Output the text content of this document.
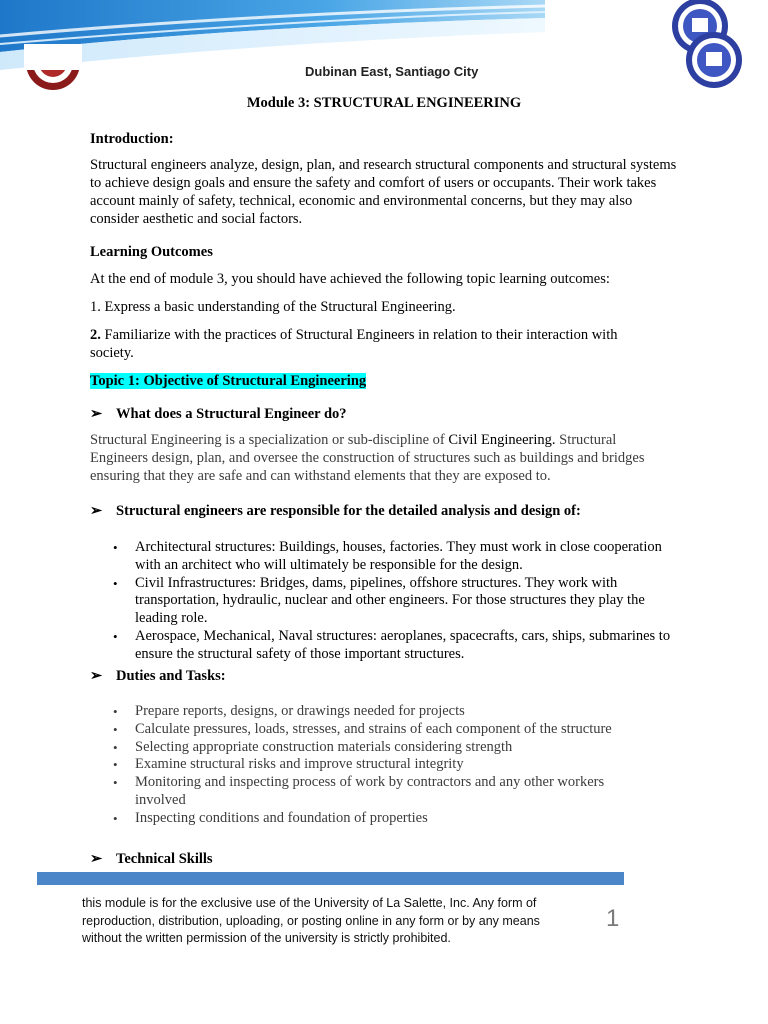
Dubinan East, Santiago City
Module 3: STRUCTURAL ENGINEERING
Introduction:
Structural engineers analyze, design, plan, and research structural components and structural systems to achieve design goals and ensure the safety and comfort of users or occupants. Their work takes account mainly of safety, technical, economic and environmental concerns, but they may also consider aesthetic and social factors.
Learning Outcomes
At the end of module 3, you should have achieved the following topic learning outcomes:
1. Express a basic understanding of the Structural Engineering.
2. Familiarize with the practices of Structural Engineers in relation to their interaction with society.
Topic 1: Objective of Structural Engineering
➢ What does a Structural Engineer do?
Structural Engineering is a specialization or sub-discipline of Civil Engineering. Structural Engineers design, plan, and oversee the construction of structures such as buildings and bridges ensuring that they are safe and can withstand elements that they are exposed to.
➢ Structural engineers are responsible for the detailed analysis and design of:
• Architectural structures: Buildings, houses, factories. They must work in close cooperation with an architect who will ultimately be responsible for the design.
• Civil Infrastructures: Bridges, dams, pipelines, offshore structures. They work with transportation, hydraulic, nuclear and other engineers. For those structures they play the leading role.
• Aerospace, Mechanical, Naval structures: aeroplanes, spacecrafts, cars, ships, submarines to ensure the structural safety of those important structures.
➢ Duties and Tasks:
• Prepare reports, designs, or drawings needed for projects
• Calculate pressures, loads, stresses, and strains of each component of the structure
• Selecting appropriate construction materials considering strength
• Examine structural risks and improve structural integrity
• Monitoring and inspecting process of work by contractors and any other workers involved
• Inspecting conditions and foundation of properties
➢ Technical Skills
this module is for the exclusive use of the University of La Salette, Inc. Any form of reproduction, distribution, uploading, or posting online in any form or by any means without the written permission of the university is strictly prohibited.
1
